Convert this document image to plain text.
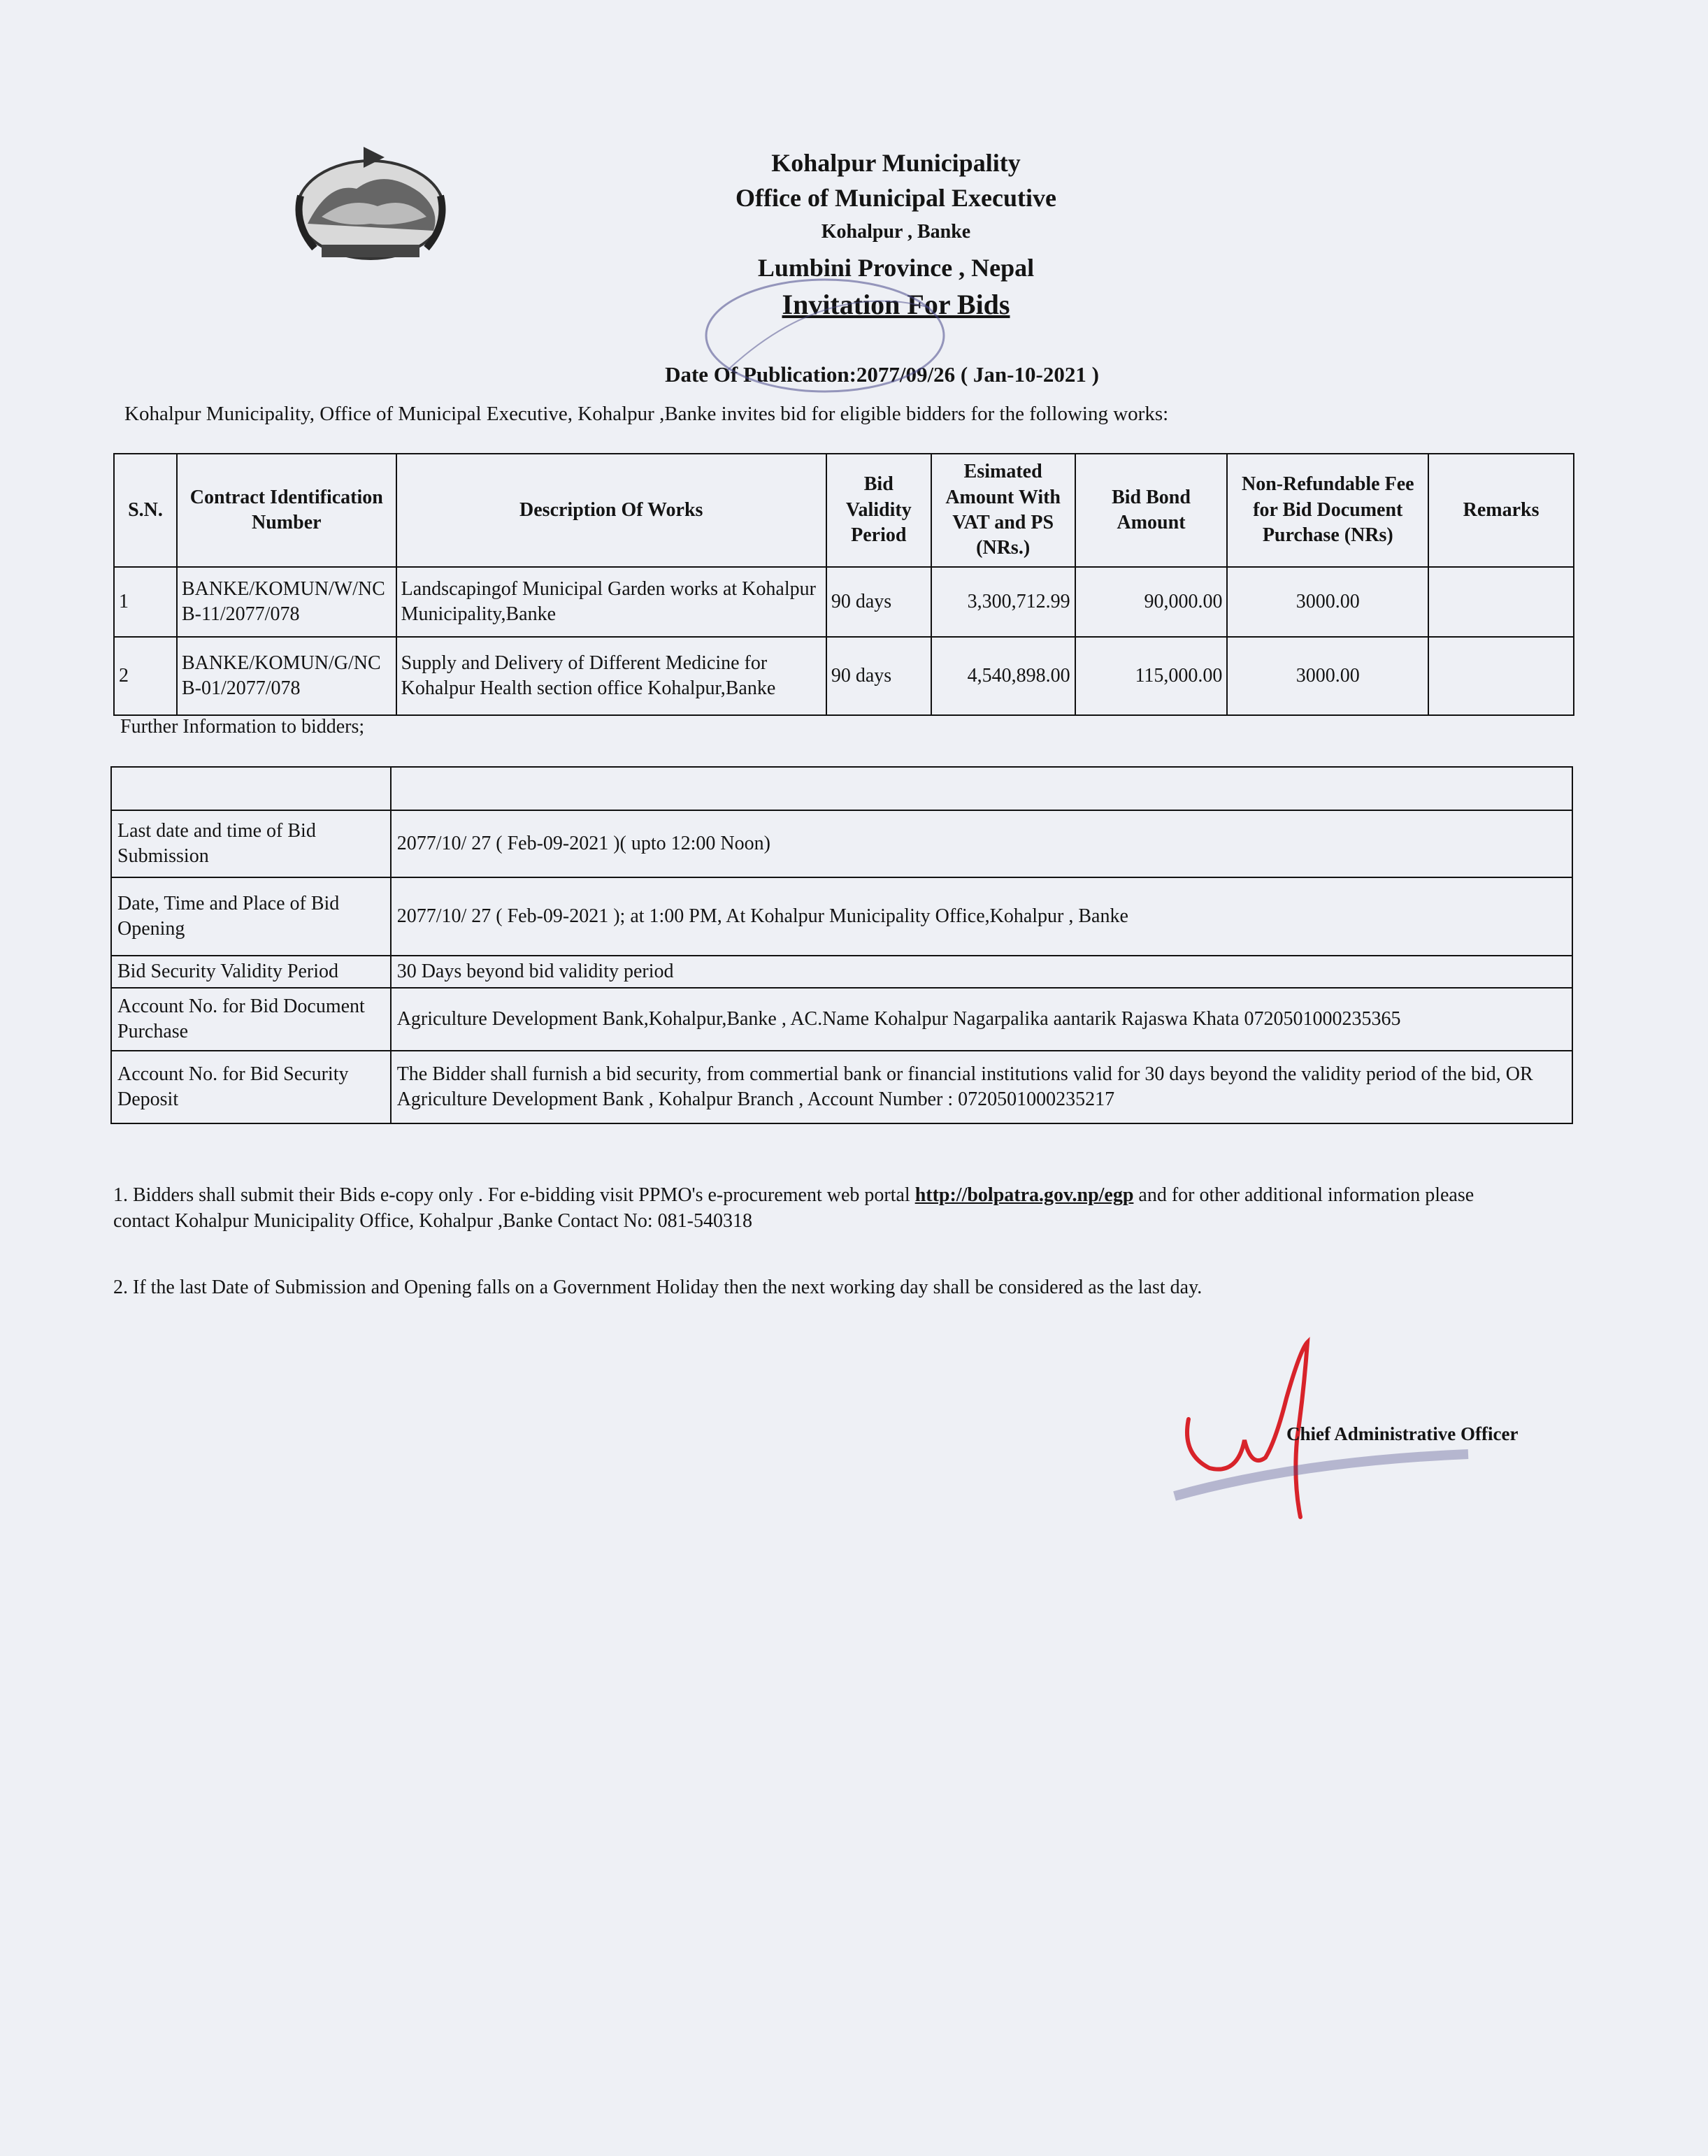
Kohalpur Municipality
Office of Municipal Executive
Kohalpur , Banke
Lumbini Province , Nepal
Invitation For Bids
Date Of Publication:2077/09/26 ( Jan-10-2021 )
Kohalpur Municipality, Office of Municipal Executive, Kohalpur ,Banke invites bid for eligible bidders for the following works:
S.N.	Contract Identification Number	Description Of Works	Bid Validity Period	Esimated Amount With VAT and PS (NRs.)	Bid Bond Amount	Non-Refundable Fee for Bid Document Purchase (NRs)	Remarks
1	BANKE/KOMUN/W/NCB-11/2077/078	Landscapingof Municipal Garden works at Kohalpur Municipality,Banke	90 days	3,300,712.99	90,000.00	3000.00	
2	BANKE/KOMUN/G/NCB-01/2077/078	Supply and Delivery of Different Medicine for Kohalpur Health section office Kohalpur,Banke	90 days	4,540,898.00	115,000.00	3000.00	
Further Information to bidders;

Last date and time of Bid Submission	2077/10/ 27 ( Feb-09-2021 )( upto 12:00 Noon)
Date, Time and Place of Bid Opening	2077/10/ 27 ( Feb-09-2021 ); at 1:00 PM, At Kohalpur Municipality Office,Kohalpur , Banke
Bid Security Validity Period	30 Days beyond bid validity period
Account No. for Bid Document Purchase	Agriculture Development Bank,Kohalpur,Banke , AC.Name Kohalpur Nagarpalika aantarik Rajaswa Khata 0720501000235365
Account No. for Bid Security Deposit	The Bidder shall furnish a bid security, from commertial bank or financial institutions valid for 30 days beyond the validity period of the bid, OR Agriculture Development Bank , Kohalpur Branch , Account Number : 0720501000235217
1. Bidders shall submit their Bids e-copy only . For e-bidding visit PPMO's e-procurement web portal http://bolpatra.gov.np/egp and for other additional information please contact Kohalpur Municipality Office, Kohalpur ,Banke Contact No: 081-540318
2. If the last Date of Submission and Opening falls on a Government Holiday then the next working day shall be considered as the last day.
Chief Administrative Officer
